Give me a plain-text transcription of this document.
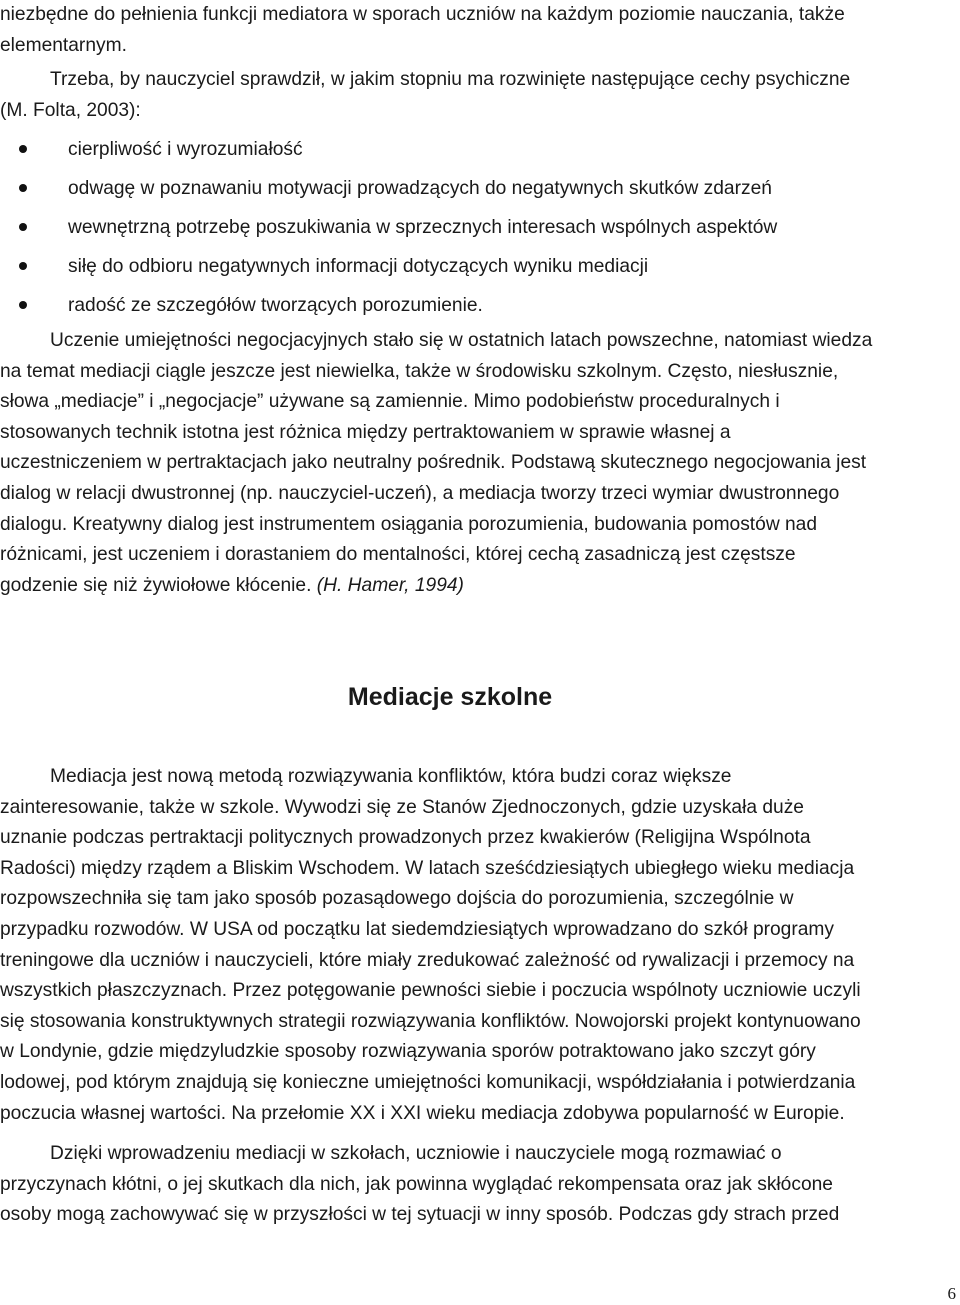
niezbędne do pełnienia funkcji mediatora w sporach uczniów na każdym poziomie nauczania, także
elementarnym.
Trzeba, by nauczyciel sprawdził, w jakim stopniu ma rozwinięte następujące cechy psychiczne
(M. Folta, 2003):
cierpliwość i wyrozumiałość
odwagę w poznawaniu motywacji prowadzących do negatywnych skutków zdarzeń
wewnętrzną potrzebę poszukiwania w sprzecznych interesach wspólnych aspektów
siłę do odbioru negatywnych informacji dotyczących wyniku mediacji
radość ze szczegółów tworzących porozumienie.
Uczenie umiejętności negocjacyjnych stało się w ostatnich latach powszechne, natomiast wiedza
na temat mediacji ciągle jeszcze jest niewielka, także w środowisku szkolnym. Często, niesłusznie,
słowa „mediacje” i „negocjacje” używane są zamiennie. Mimo podobieństw proceduralnych i
stosowanych technik istotna jest różnica między pertraktowaniem w sprawie własnej a
uczestniczeniem w pertraktacjach jako neutralny pośrednik. Podstawą skutecznego negocjowania jest
dialog w relacji dwustronnej (np. nauczyciel-uczeń), a mediacja tworzy trzeci wymiar dwustronnego
dialogu. Kreatywny dialog jest instrumentem osiągania porozumienia, budowania pomostów nad
różnicami, jest uczeniem i dorastaniem do mentalności, której cechą zasadniczą jest częstsze
godzenie się niż żywiołowe kłócenie. (H. Hamer, 1994)
Mediacje szkolne
Mediacja jest nową metodą rozwiązywania konfliktów, która budzi coraz większe
zainteresowanie, także w szkole. Wywodzi się ze Stanów Zjednoczonych, gdzie uzyskała duże
uznanie podczas pertraktacji politycznych prowadzonych przez kwakierów (Religijna Wspólnota
Radości) między rządem a Bliskim Wschodem. W latach sześćdziesiątych ubiegłego wieku mediacja
rozpowszechniła się tam jako sposób pozasądowego dojścia do porozumienia, szczególnie w
przypadku rozwodów. W USA od początku lat siedemdziesiątych wprowadzano do szkół programy
treningowe dla uczniów i nauczycieli, które miały zredukować zależność od rywalizacji i przemocy na
wszystkich płaszczyznach. Przez potęgowanie pewności siebie i poczucia wspólnoty uczniowie uczyli
się stosowania konstruktywnych strategii rozwiązywania konfliktów. Nowojorski projekt kontynuowano
w Londynie, gdzie międzyludzkie sposoby rozwiązywania sporów potraktowano jako szczyt góry
lodowej, pod którym znajdują się konieczne umiejętności komunikacji, współdziałania i potwierdzania
poczucia własnej wartości. Na przełomie XX i XXI wieku mediacja zdobywa popularność w Europie.
Dzięki wprowadzeniu mediacji w szkołach, uczniowie i nauczyciele mogą rozmawiać o
przyczynach kłótni, o jej skutkach dla nich, jak powinna wyglądać rekompensata oraz jak skłócone
osoby mogą zachowywać się w przyszłości w tej sytuacji w inny sposób. Podczas gdy strach przed
6
